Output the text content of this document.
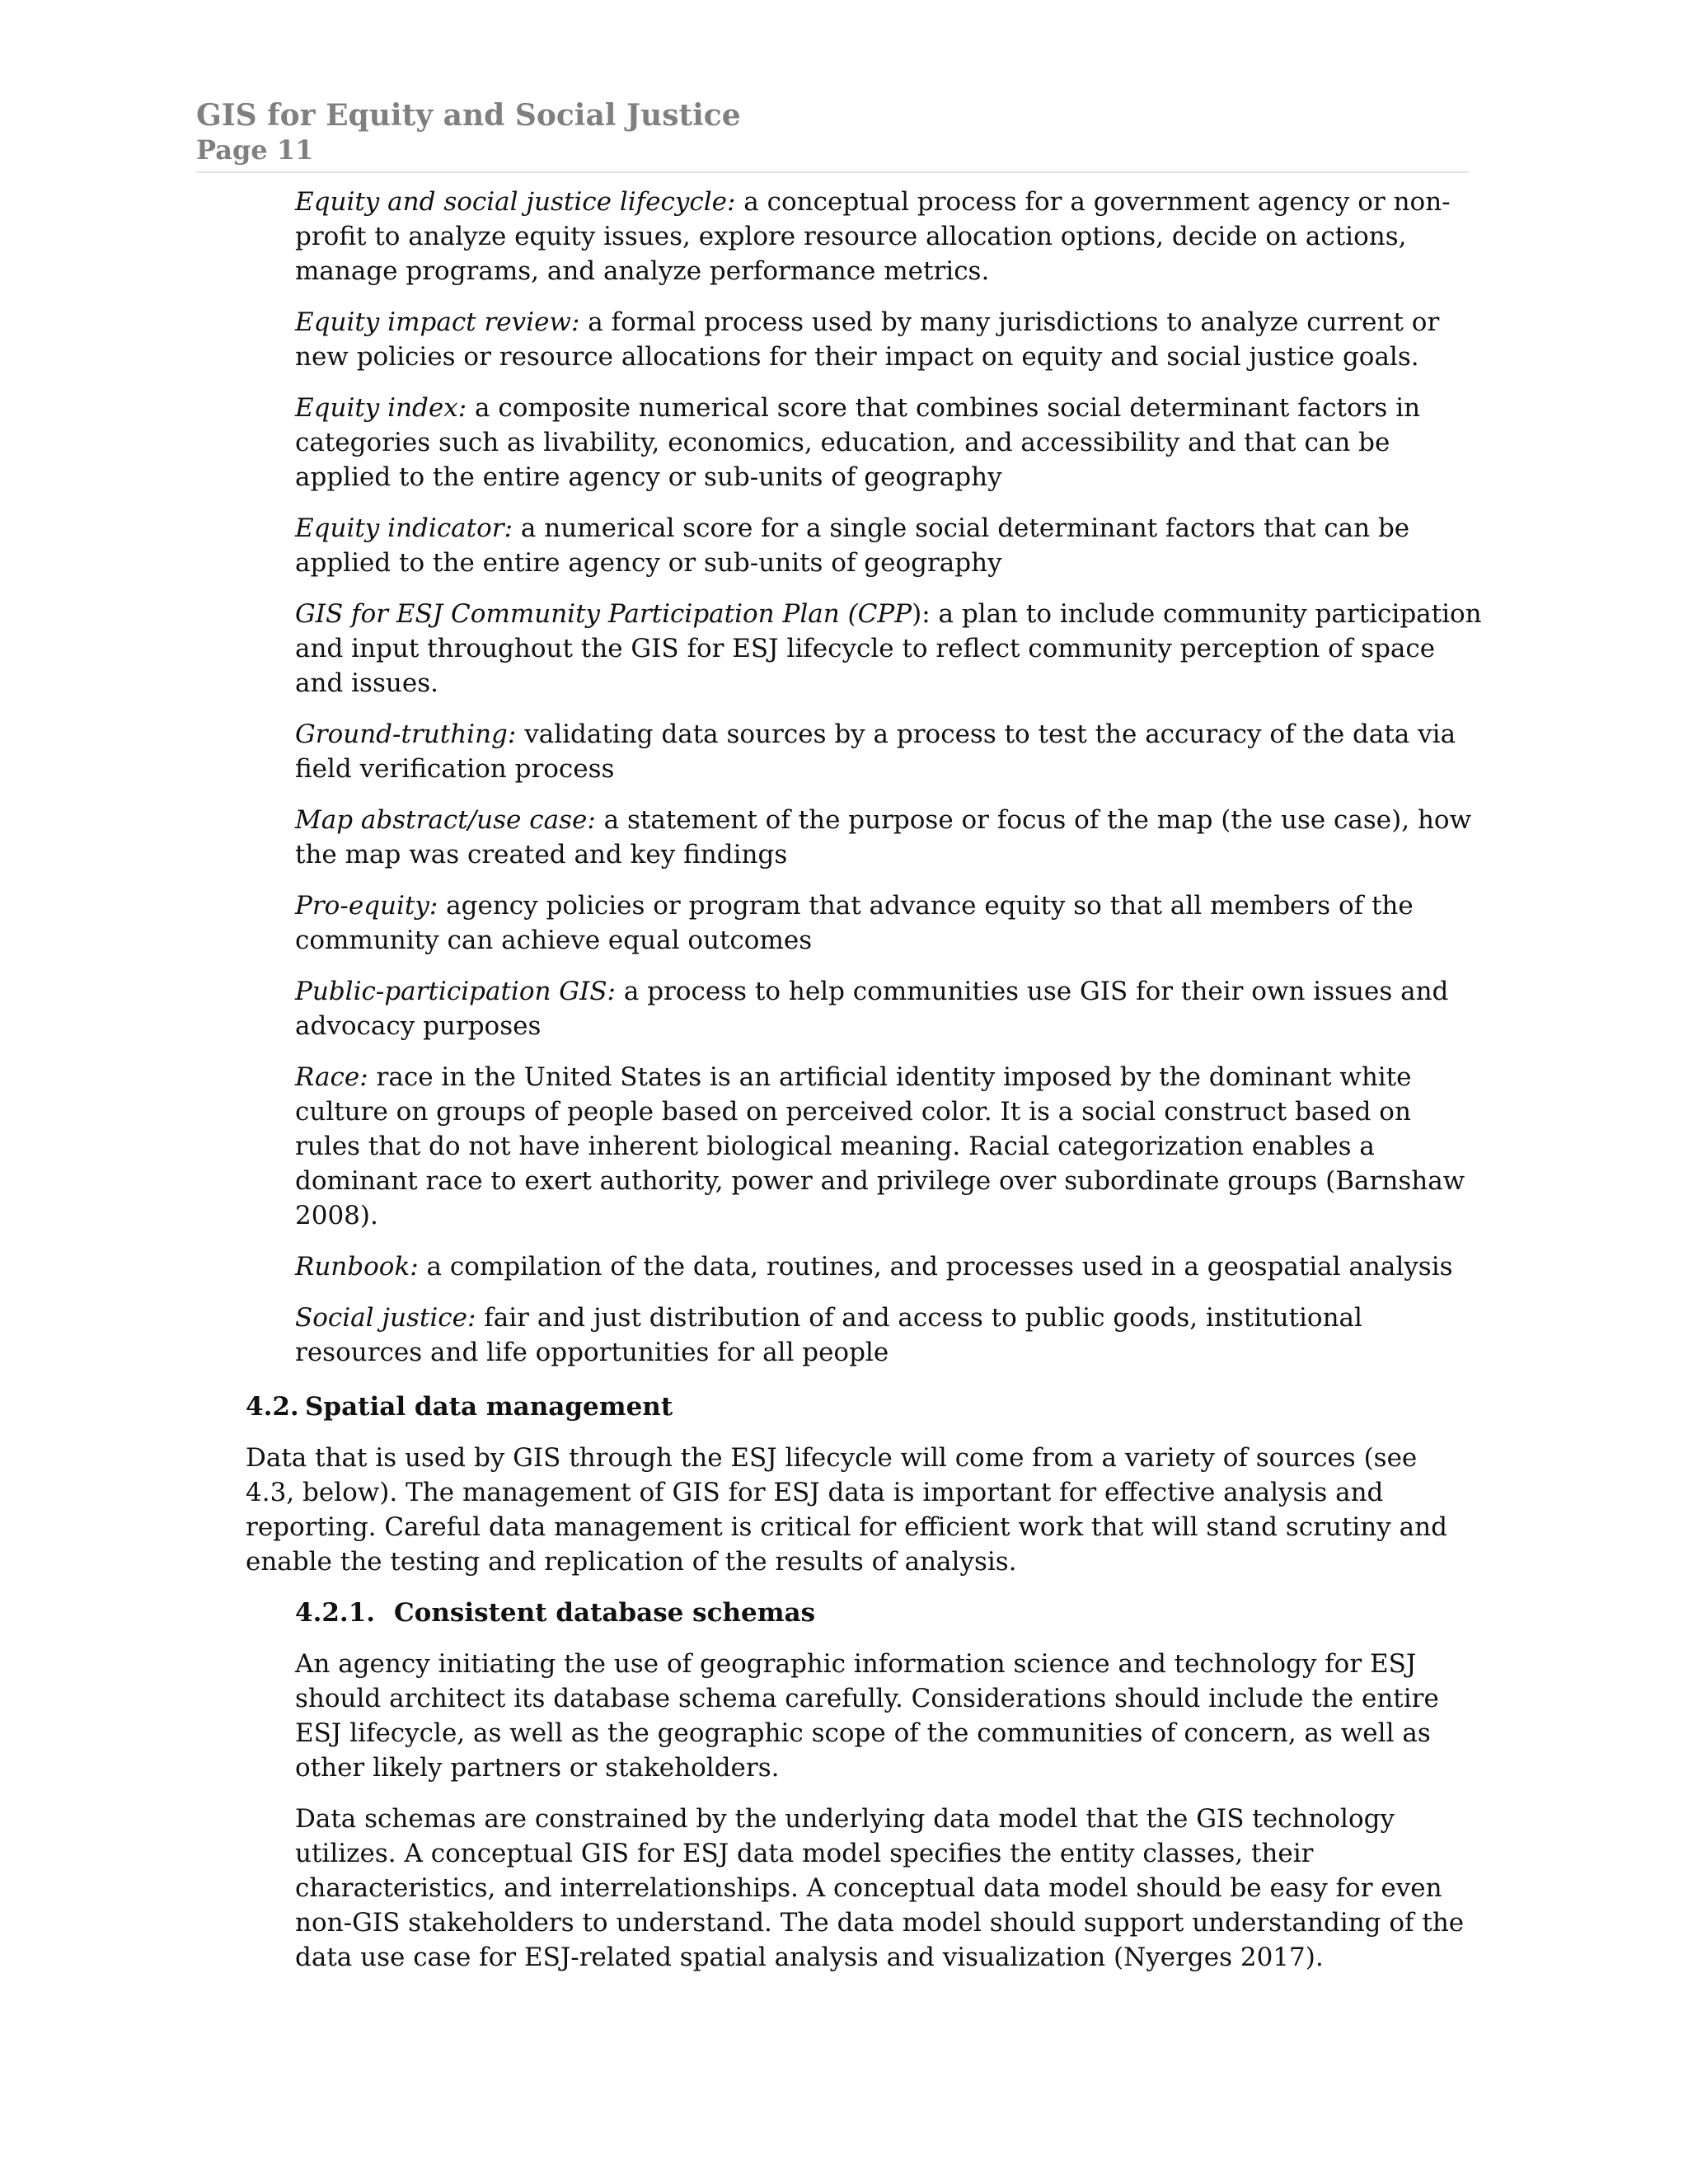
GIS for Equity and Social Justice
Page 11

Equity and social justice lifecycle: a conceptual process for a government agency or non-profit to analyze equity issues, explore resource allocation options, decide on actions, manage programs, and analyze performance metrics.

Equity impact review: a formal process used by many jurisdictions to analyze current or new policies or resource allocations for their impact on equity and social justice goals.

Equity index: a composite numerical score that combines social determinant factors in categories such as livability, economics, education, and accessibility and that can be applied to the entire agency or sub-units of geography

Equity indicator: a numerical score for a single social determinant factors that can be applied to the entire agency or sub-units of geography

GIS for ESJ Community Participation Plan (CPP): a plan to include community participation and input throughout the GIS for ESJ lifecycle to reflect community perception of space and issues.

Ground-truthing: validating data sources by a process to test the accuracy of the data via field verification process

Map abstract/use case: a statement of the purpose or focus of the map (the use case), how the map was created and key findings

Pro-equity: agency policies or program that advance equity so that all members of the community can achieve equal outcomes

Public-participation GIS: a process to help communities use GIS for their own issues and advocacy purposes

Race: race in the United States is an artificial identity imposed by the dominant white culture on groups of people based on perceived color. It is a social construct based on rules that do not have inherent biological meaning. Racial categorization enables a dominant race to exert authority, power and privilege over subordinate groups (Barnshaw 2008).

Runbook: a compilation of the data, routines, and processes used in a geospatial analysis

Social justice: fair and just distribution of and access to public goods, institutional resources and life opportunities for all people

4.2. Spatial data management

Data that is used by GIS through the ESJ lifecycle will come from a variety of sources (see 4.3, below). The management of GIS for ESJ data is important for effective analysis and reporting. Careful data management is critical for efficient work that will stand scrutiny and enable the testing and replication of the results of analysis.

4.2.1. Consistent database schemas

An agency initiating the use of geographic information science and technology for ESJ should architect its database schema carefully. Considerations should include the entire ESJ lifecycle, as well as the geographic scope of the communities of concern, as well as other likely partners or stakeholders.

Data schemas are constrained by the underlying data model that the GIS technology utilizes. A conceptual GIS for ESJ data model specifies the entity classes, their characteristics, and interrelationships. A conceptual data model should be easy for even non-GIS stakeholders to understand. The data model should support understanding of the data use case for ESJ-related spatial analysis and visualization (Nyerges 2017).
